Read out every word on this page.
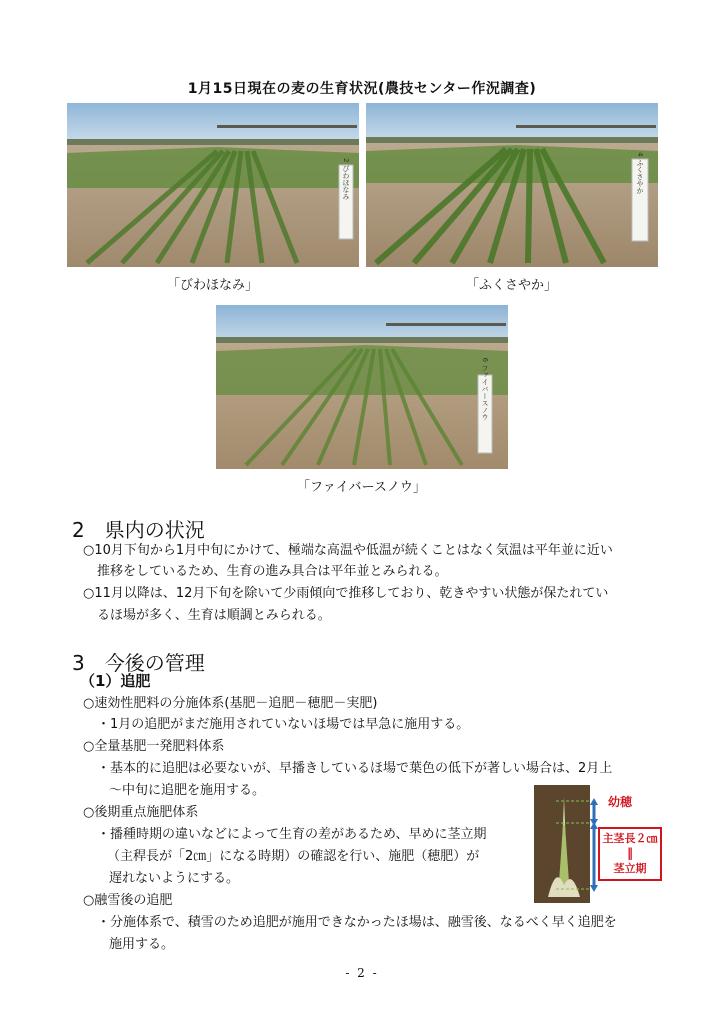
1月15日現在の麦の生育状況(農技センター作況調査)
2 びわほなみ	4 ふくさやか
「びわほなみ」	「ふくさやか」
6 ファイバースノウ
「ファイバースノウ」
2　県内の状況
○10月下旬から1月中旬にかけて、極端な高温や低温が続くことはなく気温は平年並に近い
推移をしているため、生育の進み具合は平年並とみられる。
○11月以降は、12月下旬を除いて少雨傾向で推移しており、乾きやすい状態が保たれてい
るほ場が多く、生育は順調とみられる。
3　今後の管理
（1）追肥
○速効性肥料の分施体系(基肥－追肥－穂肥－実肥)
・1月の追肥がまだ施用されていないほ場では早急に施用する。
○全量基肥一発肥料体系
・基本的に追肥は必要ないが、早播きしているほ場で葉色の低下が著しい場合は、2月上
～中旬に追肥を施用する。
○後期重点施肥体系
・播種時期の違いなどによって生育の差があるため、早めに茎立期
（主稈長が「2㎝」になる時期）の確認を行い、施肥（穂肥）が
遅れないようにする。
○融雪後の追肥
・分施体系で、積雪のため追肥が施用できなかったほ場は、融雪後、なるべく早く追肥を
施用する。
幼穂
主茎長２㎝
‖
茎立期
- 2 -
